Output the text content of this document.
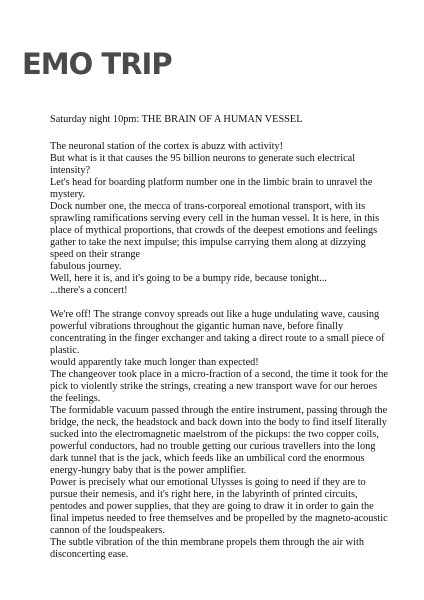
EMO TRIP

Saturday night 10pm: THE BRAIN OF A HUMAN VESSEL

The neuronal station of the cortex is abuzz with activity!

But what is it that causes the 95 billion neurons to generate such electrical intensity?

Let's head for boarding platform number one in the limbic brain to unravel the mystery.

Dock number one, the mecca of trans-corporeal emotional transport, with its sprawling ramifications serving every cell in the human vessel. It is here, in this place of mythical proportions, that crowds of the deepest emotions and feelings gather to take the next impulse; this impulse carrying them along at dizzying speed on their strange

fabulous journey.

Well, here it is, and it's going to be a bumpy ride, because tonight...

...there's a concert!

We're off! The strange convoy spreads out like a huge undulating wave, causing powerful vibrations throughout the gigantic human nave, before finally concentrating in the finger exchanger and taking a direct route to a small piece of plastic.

would apparently take much longer than expected!

The changeover took place in a micro-fraction of a second, the time it took for the pick to violently strike the strings, creating a new transport wave for our heroes the feelings.

The formidable vacuum passed through the entire instrument, passing through the bridge, the neck, the headstock and back down into the body to find itself literally sucked into the electromagnetic maelstrom of the pickups: the two copper coils, powerful conductors, had no trouble getting our curious travellers into the long dark tunnel that is the jack, which feeds like an umbilical cord the enormous energy-hungry baby that is the power amplifier.

Power is precisely what our emotional Ulysses is going to need if they are to pursue their nemesis, and it's right here, in the labyrinth of printed circuits, pentodes and power supplies, that they are going to draw it in order to gain the final impetus needed to free themselves and be propelled by the magneto-acoustic cannon of the loudspeakers.

The subtle vibration of the thin membrane propels them through the air with disconcerting ease.
